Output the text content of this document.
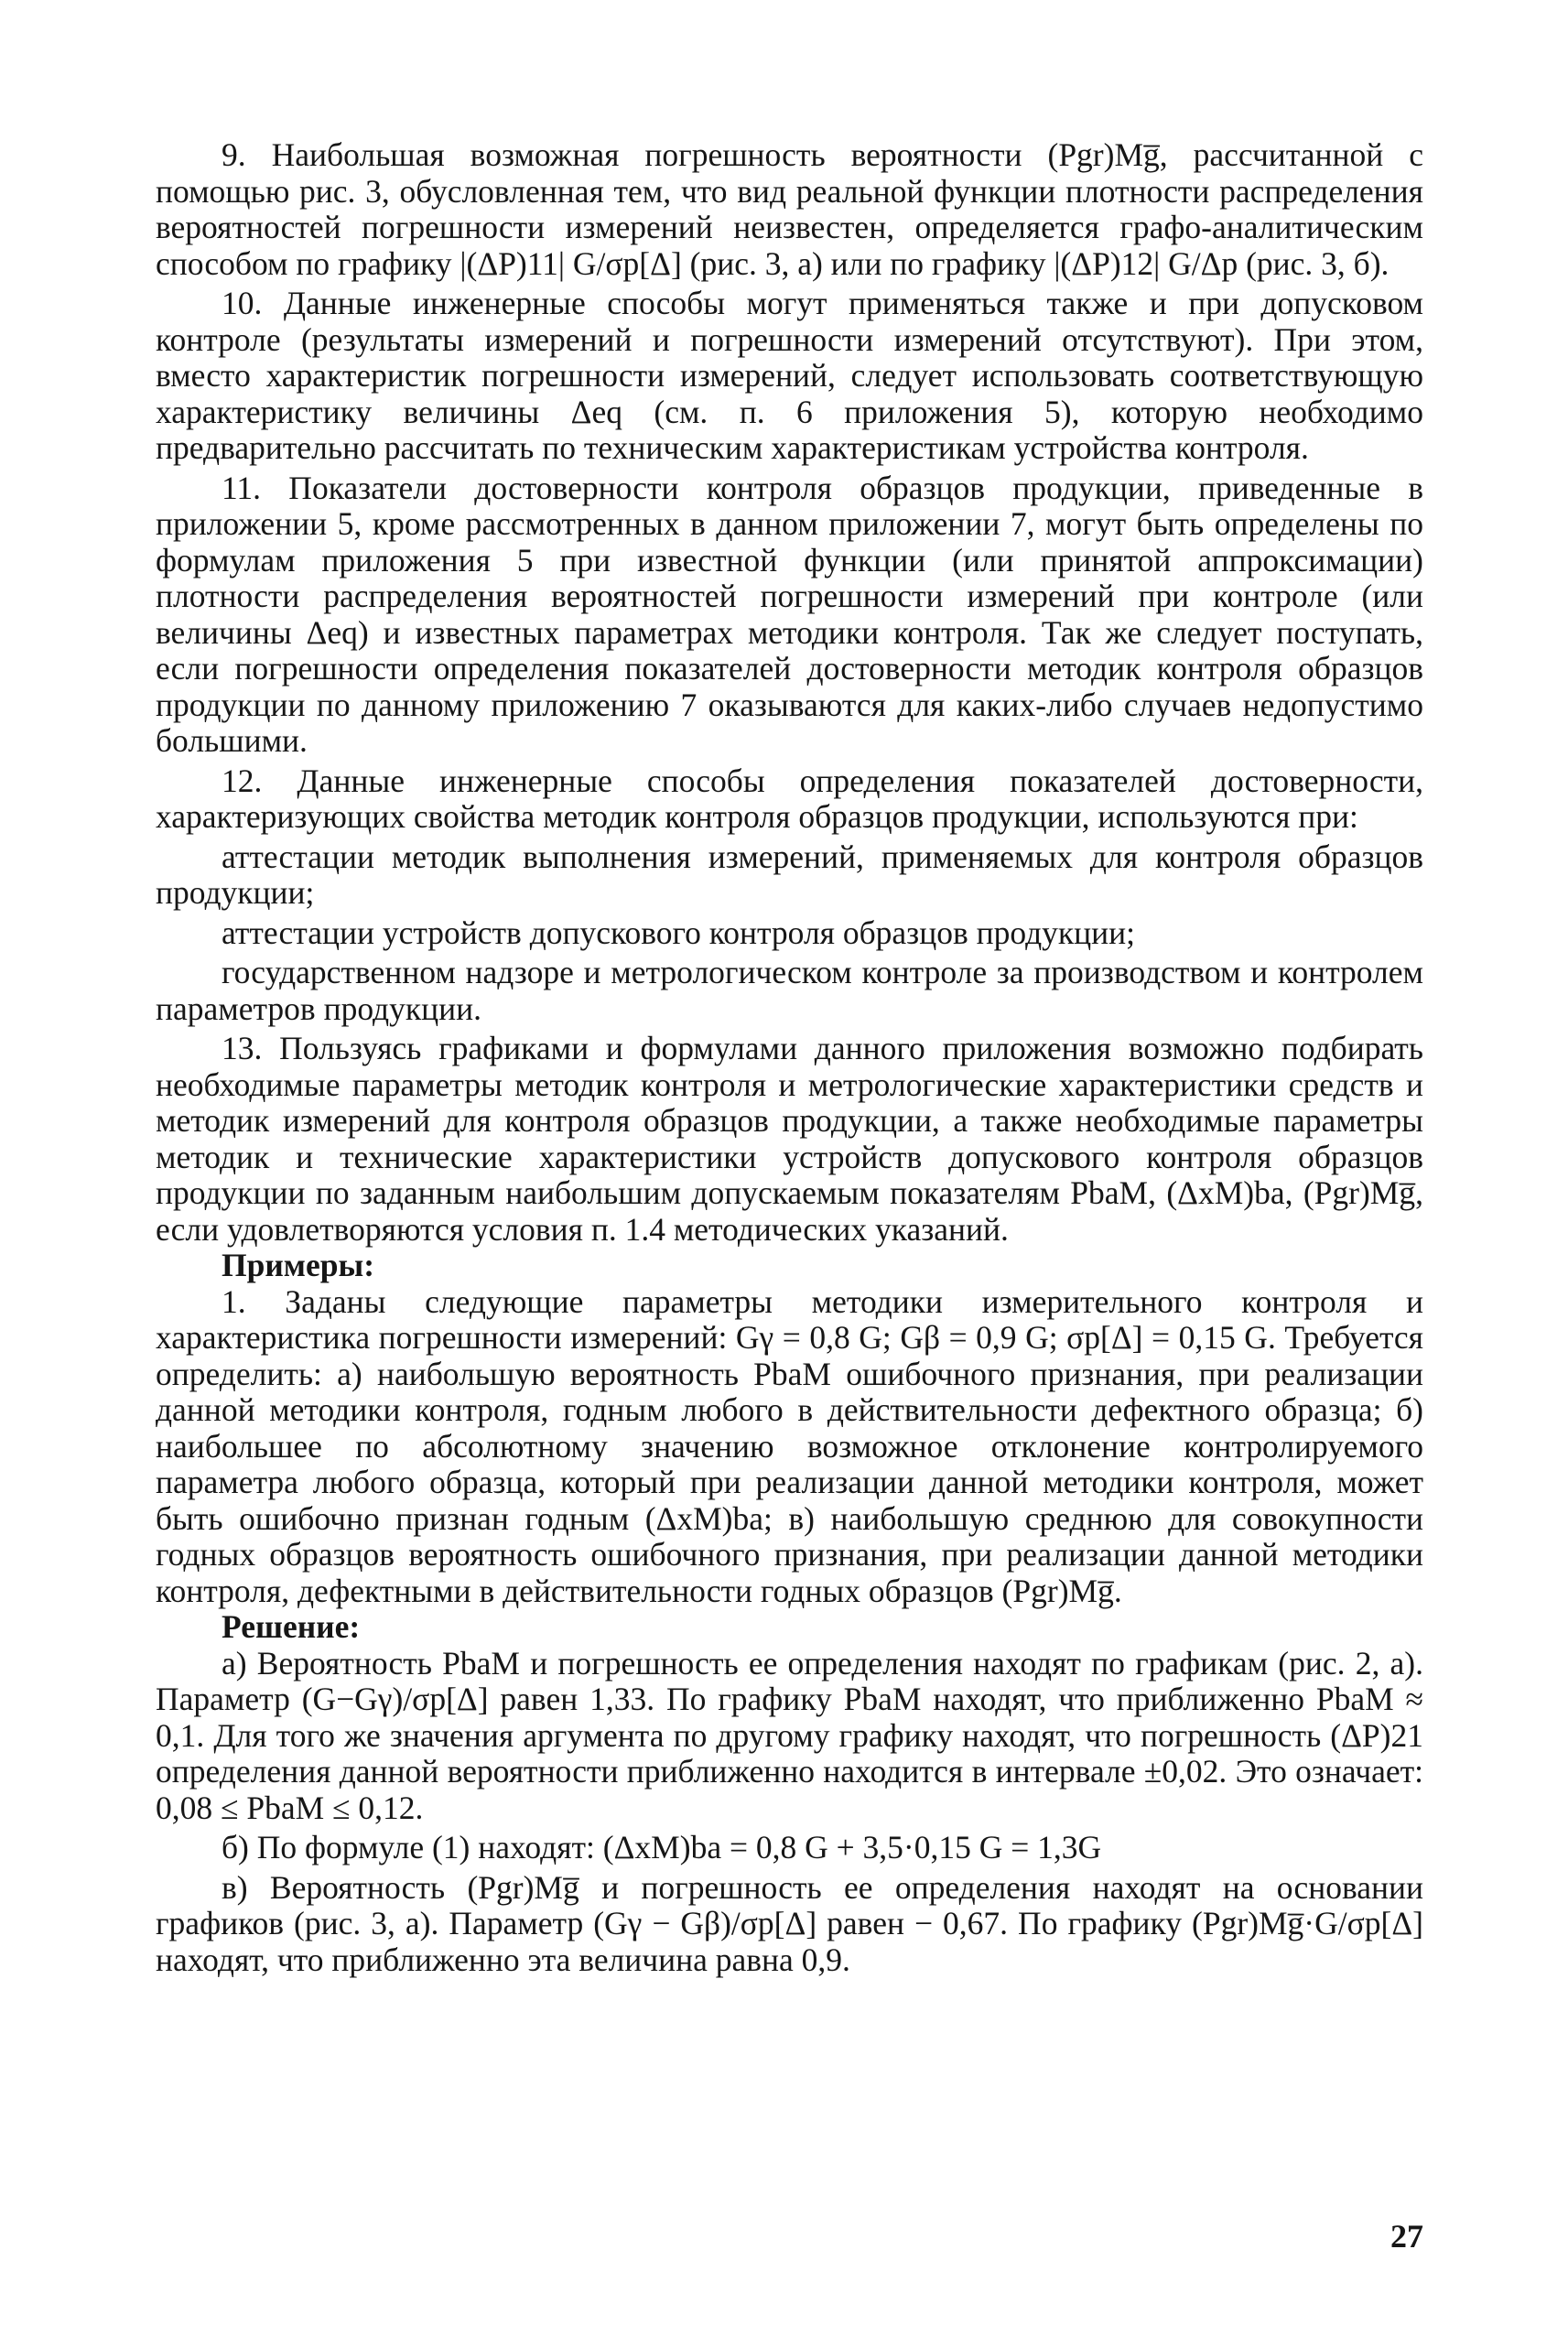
9. Наибольшая возможная погрешность вероятности (Pgr)Mg̅, рассчитанной с помощью рис. 3, обусловленная тем, что вид реальной функции плотности распределения вероятностей погрешности измерений неизвестен, определяется графо-аналитическим способом по графику |(ΔP)11| G/σp[Δ] (рис. 3, а) или по графику |(ΔP)12| G/Δp (рис. 3, б).

10. Данные инженерные способы могут применяться также и при допусковом контроле (результаты измерений и погрешности измерений отсутствуют). При этом, вместо характеристик погрешности измерений, следует использовать соответствующую характеристику величины Δeq (см. п. 6 приложения 5), которую необходимо предварительно рассчитать по техническим характеристикам устройства контроля.

11. Показатели достоверности контроля образцов продукции, приведенные в приложении 5, кроме рассмотренных в данном приложении 7, могут быть определены по формулам приложения 5 при известной функции (или принятой аппроксимации) плотности распределения вероятностей погрешности измерений при контроле (или величины Δeq) и известных параметрах методики контроля. Так же следует поступать, если погрешности определения показателей достоверности методик контроля образцов продукции по данному приложению 7 оказываются для каких-либо случаев недопустимо большими.

12. Данные инженерные способы определения показателей достоверности, характеризующих свойства методик контроля образцов продукции, используются при:

аттестации методик выполнения измерений, применяемых для контроля образцов продукции;

аттестации устройств допускового контроля образцов продукции;

государственном надзоре и метрологическом контроле за производством и контролем параметров продукции.

13. Пользуясь графиками и формулами данного приложения возможно подбирать необходимые параметры методик контроля и метрологические характеристики средств и методик измерений для контроля образцов продукции, а также необходимые параметры методик и технические характеристики устройств допускового контроля образцов продукции по заданным наибольшим допускаемым показателям PbaM, (ΔxM)ba, (Pgr)Mg̅, если удовлетворяются условия п. 1.4 методических указаний.

Примеры:

1. Заданы следующие параметры методики измерительного контроля и характеристика погрешности измерений: Gγ = 0,8 G; Gβ = 0,9 G; σp[Δ] = 0,15 G. Требуется определить: а) наибольшую вероятность PbaM ошибочного признания, при реализации данной методики контроля, годным любого в действительности дефектного образца; б) наибольшее по абсолютному значению возможное отклонение контролируемого параметра любого образца, который при реализации данной методики контроля, может быть ошибочно признан годным (ΔxM)ba; в) наибольшую среднюю для совокупности годных образцов вероятность ошибочного признания, при реализации данной методики контроля, дефектными в действительности годных образцов (Pgr)Mg̅.

Решение:

а) Вероятность PbaM и погрешность ее определения находят по графикам (рис. 2, а). Параметр (G−Gγ)/σp[Δ] равен 1,33. По графику PbaM находят, что приближенно PbaM ≈ 0,1. Для того же значения аргумента по другому графику находят, что погрешность (ΔP)21 определения данной вероятности приближенно находится в интервале ±0,02. Это означает: 0,08 ≤ PbaM ≤ 0,12.

б) По формуле (1) находят: (ΔxM)ba = 0,8 G + 3,5·0,15 G = 1,3G

в) Вероятность (Pgr)Mg̅ и погрешность ее определения находят на основании графиков (рис. 3, а). Параметр (Gγ − Gβ)/σp[Δ] равен − 0,67. По графику (Pgr)Mg̅·G/σp[Δ] находят, что приближенно эта величина равна 0,9.

27
